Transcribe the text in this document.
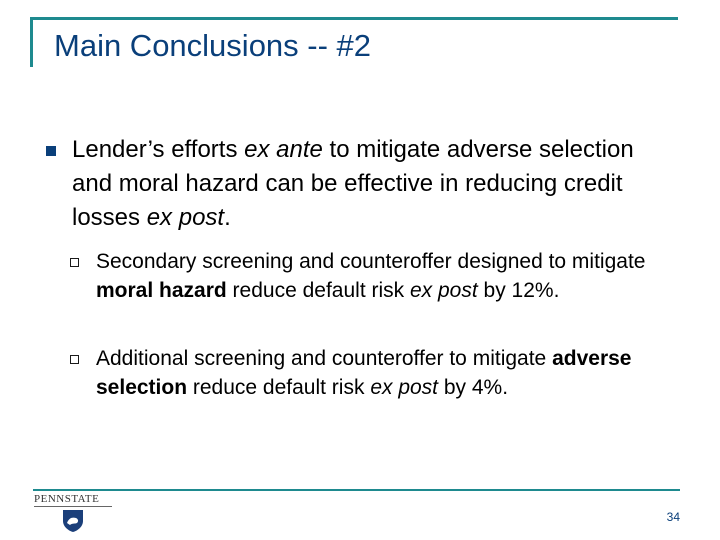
Main Conclusions -- #2
Lender’s efforts ex ante to mitigate adverse selection and moral hazard can be effective in reducing credit losses ex post.
Secondary screening and counteroffer designed to mitigate moral hazard reduce default risk ex post by 12%.
Additional screening and counteroffer to mitigate adverse selection reduce default risk ex post by 4%.
PENNSTATE
34
